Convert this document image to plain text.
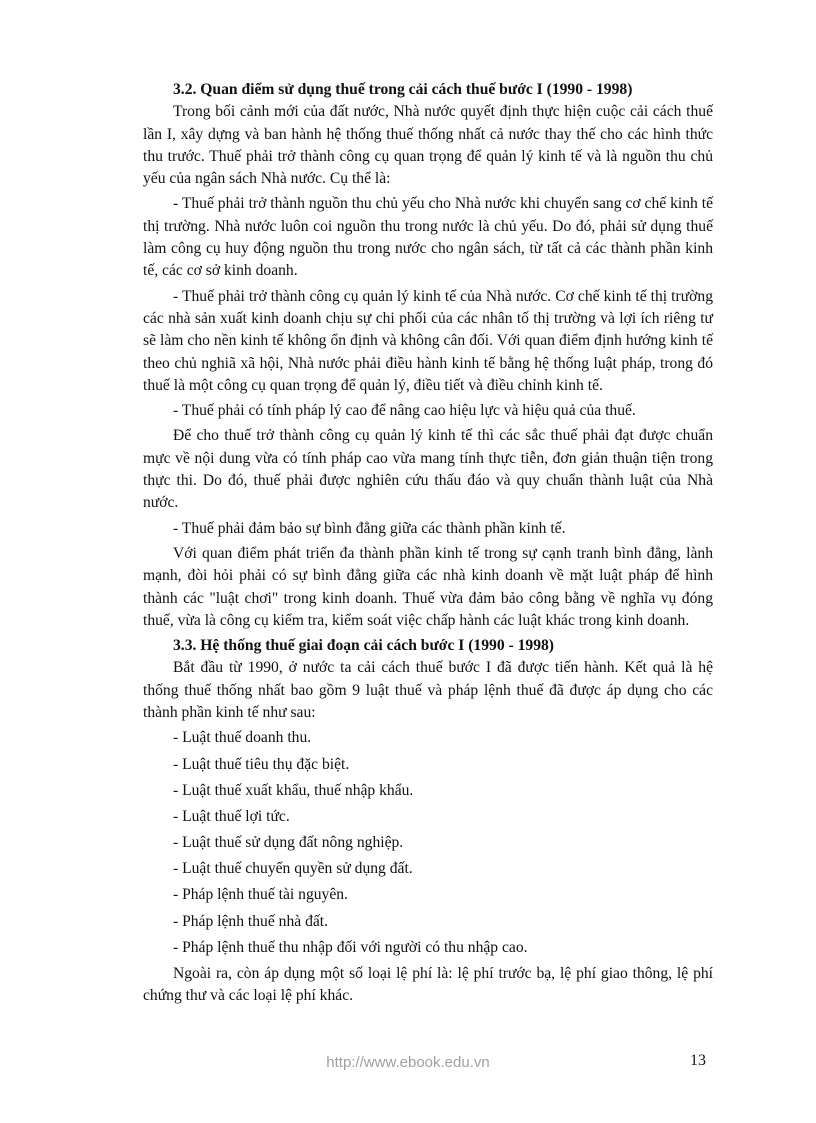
3.2. Quan điểm sử dụng thuế trong cải cách thuế bước I (1990 - 1998)

Trong bối cảnh mới của đất nước, Nhà nước quyết định thực hiện cuộc cải cách thuế lần I, xây dựng và ban hành hệ thống thuế thống nhất cả nước thay thế cho các hình thức thu trước. Thuế phải trở thành công cụ quan trọng để quản lý kinh tế và là nguồn thu chủ yếu của ngân sách Nhà nước. Cụ thể là:

- Thuế phải trở thành nguồn thu chủ yếu cho Nhà nước khi chuyển sang cơ chế kinh tế thị trường. Nhà nước luôn coi nguồn thu trong nước là chủ yếu. Do đó, phải sử dụng thuế làm công cụ huy động nguồn thu trong nước cho ngân sách, từ tất cả các thành phần kinh tế, các cơ sở kinh doanh.

- Thuế phải trở thành công cụ quản lý kinh tế của Nhà nước. Cơ chế kinh tế thị trường các nhà sản xuất kinh doanh chịu sự chi phối của các nhân tố thị trường và lợi ích riêng tư sẽ làm cho nền kinh tế không ổn định và không cân đối. Với quan điểm định hướng kinh tế theo chủ nghiã xã hội, Nhà nước phải điều hành kinh tế bằng hệ thống luật pháp, trong đó thuế là một công cụ quan trọng để quản lý, điều tiết và điều chỉnh kinh tế.

- Thuế phải có tính pháp lý cao để nâng cao hiệu lực và hiệu quả của thuế.

Để cho thuế trở thành công cụ quản lý kinh tế thì các sắc thuế phải đạt được chuẩn mực về nội dung vừa có tính pháp cao vừa mang tính thực tiễn, đơn giản thuận tiện trong thực thi. Do đó, thuế phải được nghiên cứu thấu đáo và quy chuẩn thành luật của Nhà nước.

- Thuế phải đảm bảo sự bình đẳng giữa các thành phần kinh tế.

Với quan điểm phát triển đa thành phần kinh tế trong sự cạnh tranh bình đẳng, lành mạnh, đòi hỏi phải có sự bình đẳng giữa các nhà kinh doanh về mặt luật pháp để hình thành các "luật chơi" trong kinh doanh. Thuế vừa đảm bảo công bằng về nghĩa vụ đóng thuế, vừa là công cụ kiểm tra, kiểm soát việc chấp hành các luật khác trong kinh doanh.

3.3. Hệ thống thuế giai đoạn cải cách bước I (1990 - 1998)

Bắt đầu từ 1990, ở nước ta cải cách thuế bước I đã được tiến hành. Kết quả là hệ thống thuế thống nhất bao gồm 9 luật thuế và pháp lệnh thuế đã được áp dụng cho các thành phần kinh tế như sau:

- Luật thuế doanh thu.
- Luật thuế tiêu thụ đặc biệt.
- Luật thuế xuất khẩu, thuế nhập khẩu.
- Luật thuế lợi tức.
- Luật thuế sử dụng đất nông nghiệp.
- Luật thuế chuyển quyền sử dụng đất.
- Pháp lệnh thuế tài nguyên.
- Pháp lệnh thuế nhà đất.
- Pháp lệnh thuế thu nhập đối với người có thu nhập cao.

Ngoài ra, còn áp dụng một số loại lệ phí là: lệ phí trước bạ, lệ phí giao thông, lệ phí chứng thư và các loại lệ phí khác.

http://www.ebook.edu.vn	13
